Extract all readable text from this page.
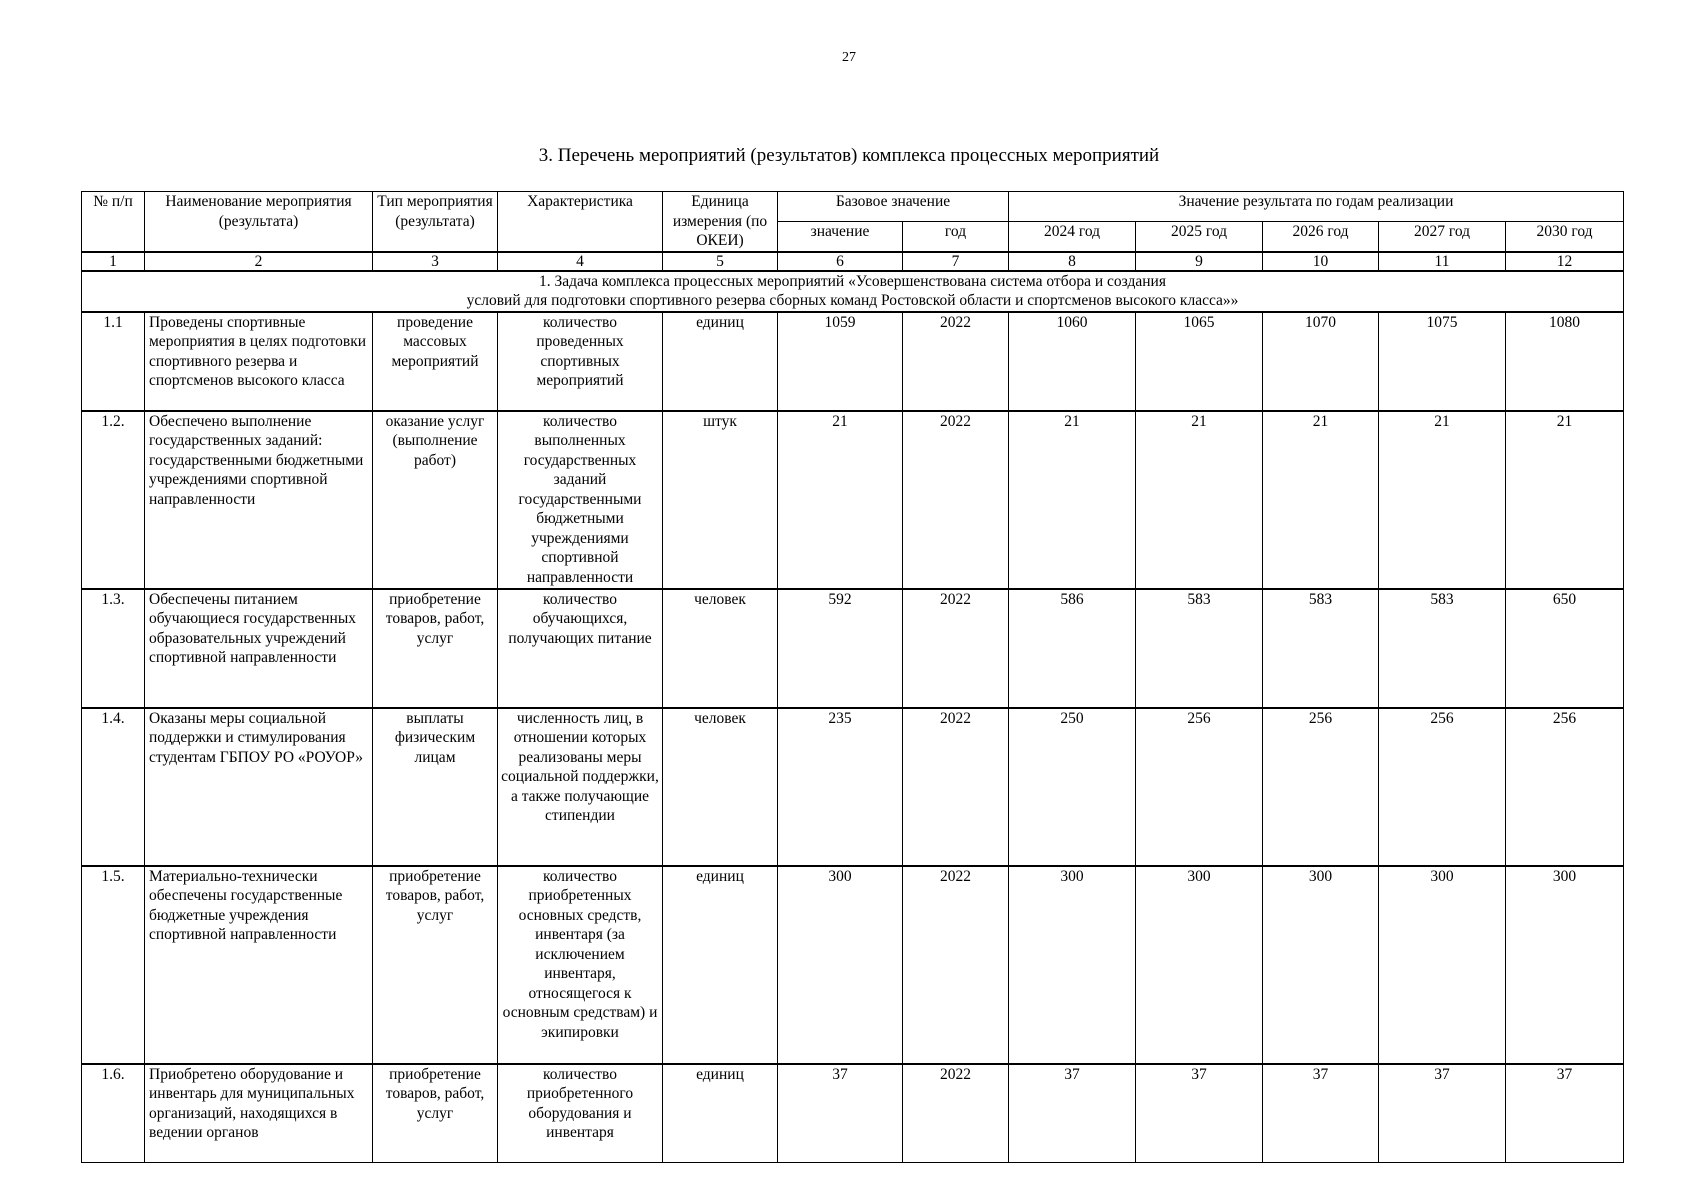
27
3. Перечень мероприятий (результатов) комплекса процессных мероприятий
№ п/п	Наименование мероприятия (результата)	Тип мероприятия (результата)	Характеристика	Единица измерения (по ОКЕИ)	Базовое значение		Значение результата по годам реализации				
					значение	год	2024 год	2025 год	2026 год	2027 год	2030 год
1	2	3	4	5	6	7	8	9	10	11	12

1. Задача комплекса процессных мероприятий «Усовершенствована система отбора и создания
условий для подготовки спортивного резерва сборных команд Ростовской области и спортсменов высокого класса»»											

1.1	Проведены спортивные мероприятия в целях подготовки спортивного резерва и спортсменов высокого класса	проведение массовых мероприятий	количество проведенных спортивных мероприятий	единиц	1059	2022	1060	1065	1070	1075	1080
1.2.	Обеспечено выполнение государственных заданий: государственными бюджетными учреждениями спортивной направленности	оказание услуг (выполнение работ)	количество выполненных государственных заданий государственными бюджетными учреждениями спортивной направленности	штук	21	2022	21	21	21	21	21
1.3.	Обеспечены питанием обучающиеся государственных образовательных учреждений спортивной направленности	приобретение товаров, работ, услуг	количество обучающихся, получающих питание	человек	592	2022	586	583	583	583	650
1.4.	Оказаны меры социальной поддержки и стимулирования студентам ГБПОУ РО «РОУОР»	выплаты физическим лицам	численность лиц, в отношении которых реализованы меры социальной поддержки, а также получающие стипендии	человек	235	2022	250	256	256	256	256
1.5.	Материально-технически обеспечены государственные бюджетные учреждения спортивной направленности	приобретение товаров, работ, услуг	количество приобретенных основных средств, инвентаря (за исключением инвентаря, относящегося к основным средствам) и экипировки	единиц	300	2022	300	300	300	300	300
1.6.	Приобретено оборудование и инвентарь для муниципальных организаций, находящихся в ведении органов	приобретение товаров, работ, услуг	количество приобретенного оборудования и инвентаря	единиц	37	2022	37	37	37	37	37
